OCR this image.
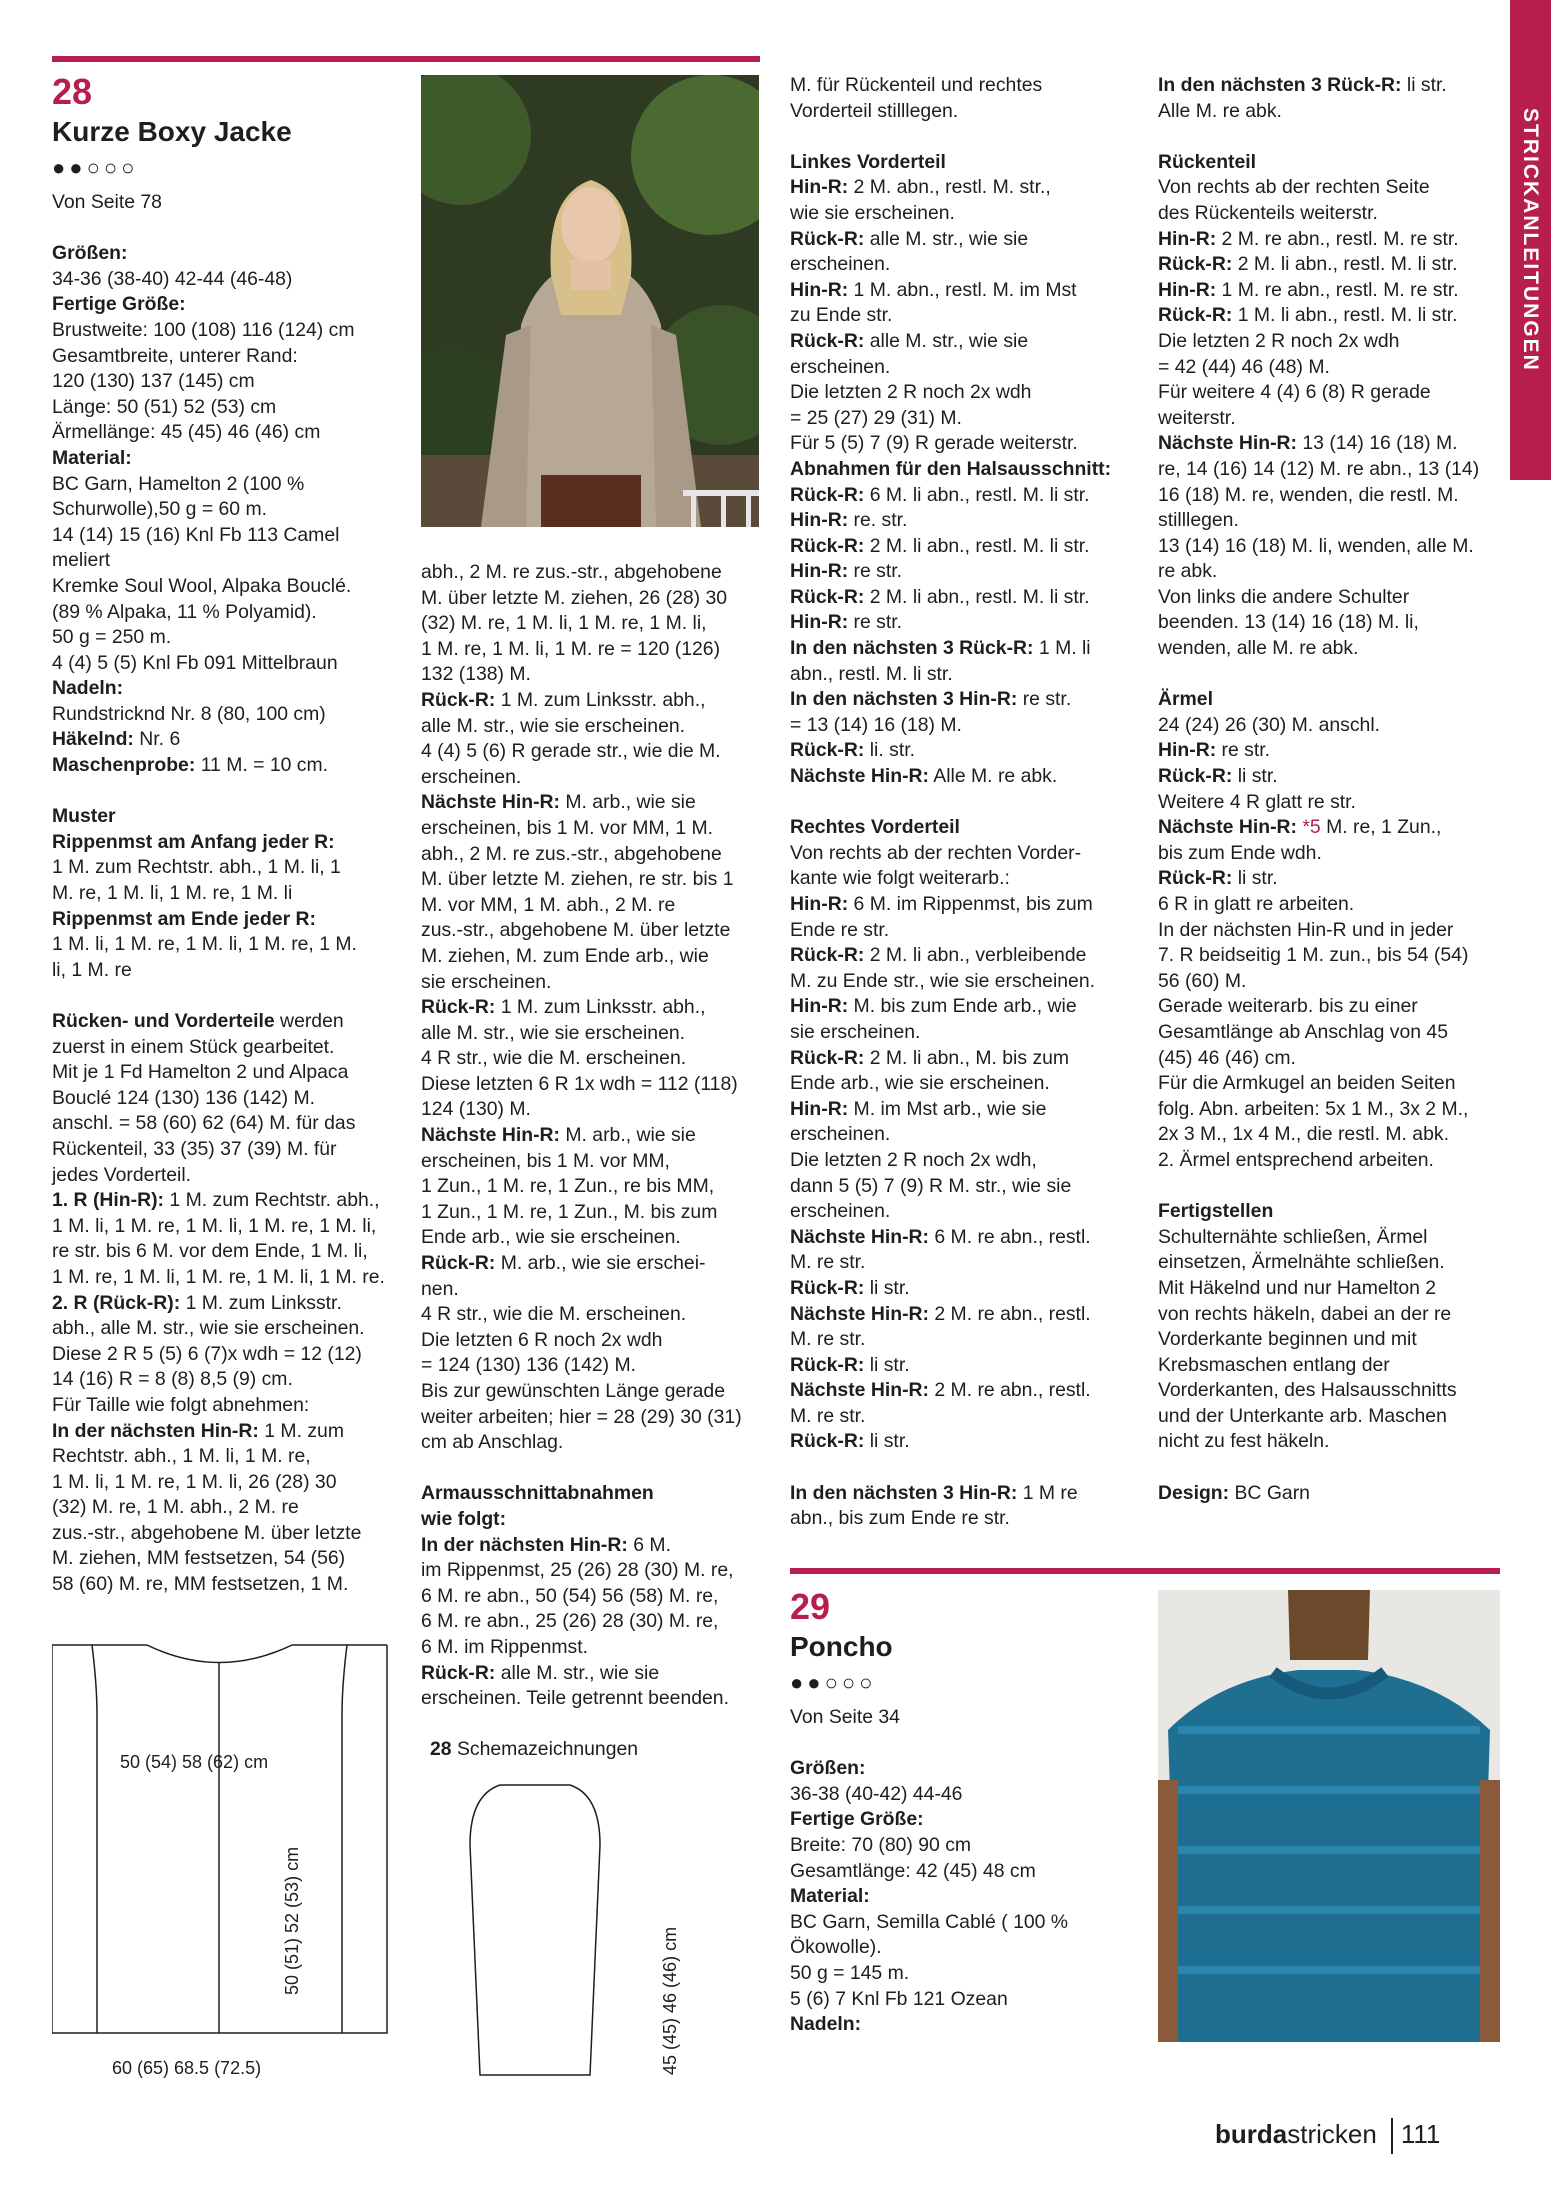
STRICKANLEITUNGEN

28

Kurze Boxy Jacke

●●○○○

Von Seite 78

Größen:

34-36 (38-40) 42-44 (46-48)

Fertige Größe:

Brustweite: 100 (108) 116 (124) cm

Gesamtbreite, unterer Rand:

120 (130) 137 (145) cm

Länge: 50 (51) 52 (53) cm

Ärmellänge: 45 (45) 46 (46) cm

Material:

BC Garn, Hamelton 2 (100 %

Schurwolle),50 g = 60 m.

14 (14) 15 (16) Knl Fb 113 Camel

meliert

Kremke Soul Wool, Alpaka Bouclé.

(89 % Alpaka, 11 % Polyamid).

50 g = 250 m.

4 (4) 5 (5) Knl Fb 091 Mittelbraun

Nadeln:

Rundstricknd Nr. 8 (80, 100 cm)

Häkelnd: Nr. 6

Maschenprobe: 11 M. = 10 cm.

Muster

Rippenmst am Anfang jeder R:

1 M. zum Rechtstr. abh., 1 M. li, 1

M. re, 1 M. li, 1 M. re, 1 M. li

Rippenmst am Ende jeder R:

1 M. li, 1 M. re, 1 M. li, 1 M. re, 1 M.

li, 1 M. re

Rücken- und Vorderteile werden

zuerst in einem Stück gearbeitet.

Mit je 1 Fd Hamelton 2 und Alpaca

Bouclé 124 (130) 136 (142) M.

anschl. = 58 (60) 62 (64) M. für das

Rückenteil, 33 (35) 37 (39) M. für

jedes Vorderteil.

1. R (Hin-R): 1 M. zum Rechtstr. abh.,

1 M. li, 1 M. re, 1 M. li, 1 M. re, 1 M. li,

re str. bis 6 M. vor dem Ende, 1 M. li,

1 M. re, 1 M. li, 1 M. re, 1 M. li, 1 M. re.

2. R (Rück-R): 1 M. zum Linksstr.

abh., alle M. str., wie sie erscheinen.

Diese 2 R 5 (5) 6 (7)x wdh = 12 (12)

14 (16) R = 8 (8) 8,5 (9) cm.

Für Taille wie folgt abnehmen:

In der nächsten Hin-R: 1 M. zum

Rechtstr. abh., 1 M. li, 1 M. re,

1 M. li, 1 M. re, 1 M. li, 26 (28) 30

(32) M. re, 1 M. abh., 2 M. re

zus.-str., abgehobene M. über letzte

M. ziehen, MM festsetzen, 54 (56)

58 (60) M. re, MM festsetzen, 1 M.

abh., 2 M. re zus.-str., abgehobene

M. über letzte M. ziehen, 26 (28) 30

(32) M. re, 1 M. li, 1 M. re, 1 M. li,

1 M. re, 1 M. li, 1 M. re = 120 (126)

132 (138) M.

Rück-R: 1 M. zum Linksstr. abh.,

alle M. str., wie sie erscheinen.

4 (4) 5 (6) R gerade str., wie die M.

erscheinen.

Nächste Hin-R: M. arb., wie sie

erscheinen, bis 1 M. vor MM, 1 M.

abh., 2 M. re zus.-str., abgehobene

M. über letzte M. ziehen, re str. bis 1

M. vor MM, 1 M. abh., 2 M. re

zus.-str., abgehobene M. über letzte

M. ziehen, M. zum Ende arb., wie

sie erscheinen.

Rück-R: 1 M. zum Linksstr. abh.,

alle M. str., wie sie erscheinen.

4 R str., wie die M. erscheinen.

Diese letzten 6 R 1x wdh = 112 (118)

124 (130) M.

Nächste Hin-R: M. arb., wie sie

erscheinen, bis 1 M. vor MM,

1 Zun., 1 M. re, 1 Zun., re bis MM,

1 Zun., 1 M. re, 1 Zun., M. bis zum

Ende arb., wie sie erscheinen.

Rück-R: M. arb., wie sie erschei-

nen.

4 R str., wie die M. erscheinen.

Die letzten 6 R noch 2x wdh

= 124 (130) 136 (142) M.

Bis zur gewünschten Länge gerade

weiter arbeiten; hier = 28 (29) 30 (31)

cm ab Anschlag.

Armausschnittabnahmen

wie folgt:

In der nächsten Hin-R: 6 M.

im Rippenmst, 25 (26) 28 (30) M. re,

6 M. re abn., 50 (54) 56 (58) M. re,

6 M. re abn., 25 (26) 28 (30) M. re,

6 M. im Rippenmst.

Rück-R: alle M. str., wie sie

erscheinen. Teile getrennt beenden.

M. für Rückenteil und rechtes

Vorderteil stilllegen.

Linkes Vorderteil

Hin-R: 2 M. abn., restl. M. str.,

wie sie erscheinen.

Rück-R: alle M. str., wie sie

erscheinen.

Hin-R: 1 M. abn., restl. M. im Mst

zu Ende str.

Rück-R: alle M. str., wie sie

erscheinen.

Die letzten 2 R noch 2x wdh

= 25 (27) 29 (31) M.

Für 5 (5) 7 (9) R gerade weiterstr.

Abnahmen für den Halsausschnitt:

Rück-R: 6 M. li abn., restl. M. li str.

Hin-R: re. str.

Rück-R: 2 M. li abn., restl. M. li str.

Hin-R: re str.

Rück-R: 2 M. li abn., restl. M. li str.

Hin-R: re str.

In den nächsten 3 Rück-R: 1 M. li

abn., restl. M. li str.

In den nächsten 3 Hin-R: re str.

= 13 (14) 16 (18) M.

Rück-R: li. str.

Nächste Hin-R: Alle M. re abk.

Rechtes Vorderteil

Von rechts ab der rechten Vorder-

kante wie folgt weiterarb.:

Hin-R: 6 M. im Rippenmst, bis zum

Ende re str.

Rück-R: 2 M. li abn., verbleibende

M. zu Ende str., wie sie erscheinen.

Hin-R: M. bis zum Ende arb., wie

sie erscheinen.

Rück-R: 2 M. li abn., M. bis zum

Ende arb., wie sie erscheinen.

Hin-R: M. im Mst arb., wie sie

erscheinen.

Die letzten 2 R noch 2x wdh,

dann 5 (5) 7 (9) R M. str., wie sie

erscheinen.

Nächste Hin-R: 6 M. re abn., restl.

M. re str.

Rück-R: li str.

Nächste Hin-R: 2 M. re abn., restl.

M. re str.

Rück-R: li str.

Nächste Hin-R: 2 M. re abn., restl.

M. re str.

Rück-R: li str.

In den nächsten 3 Hin-R: 1 M re

abn., bis zum Ende re str.

In den nächsten 3 Rück-R: li str.

Alle M. re abk.

Rückenteil

Von rechts ab der rechten Seite

des Rückenteils weiterstr.

Hin-R: 2 M. re abn., restl. M. re str.

Rück-R: 2 M. li abn., restl. M. li str.

Hin-R: 1 M. re abn., restl. M. re str.

Rück-R: 1 M. li abn., restl. M. li str.

Die letzten 2 R noch 2x wdh

= 42 (44) 46 (48) M.

Für weitere 4 (4) 6 (8) R gerade

weiterstr.

Nächste Hin-R: 13 (14) 16 (18) M.

re, 14 (16) 14 (12) M. re abn., 13 (14)

16 (18) M. re, wenden, die restl. M.

stilllegen.

13 (14) 16 (18) M. li, wenden, alle M.

re abk.

Von links die andere Schulter

beenden. 13 (14) 16 (18) M. li,

wenden, alle M. re abk.

Ärmel

24 (24) 26 (30) M. anschl.

Hin-R: re str.

Rück-R: li str.

Weitere 4 R glatt re str.

Nächste Hin-R: *5 M. re, 1 Zun.,

bis zum Ende wdh.

Rück-R: li str.

6 R in glatt re arbeiten.

In der nächsten Hin-R und in jeder

7. R beidseitig 1 M. zun., bis 54 (54)

56 (60) M.

Gerade weiterarb. bis zu einer

Gesamtlänge ab Anschlag von 45

(45) 46 (46) cm.

Für die Armkugel an beiden Seiten

folg. Abn. arbeiten: 5x 1 M., 3x 2 M.,

2x 3 M., 1x 4 M., die restl. M. abk.

2. Ärmel entsprechend arbeiten.

Fertigstellen

Schulternähte schließen, Ärmel

einsetzen, Ärmelnähte schließen.

Mit Häkelnd und nur Hamelton 2

von rechts häkeln, dabei an der re

Vorderkante beginnen und mit

Krebsmaschen entlang der

Vorderkanten, des Halsausschnitts

und der Unterkante arb. Maschen

nicht zu fest häkeln.

Design: BC Garn

50 (54) 58 (62) cm
60 (65) 68.5 (72.5)
50 (51) 52 (53) cm

28 Schemazeichnungen

45 (45) 46 (46) cm

29

Poncho

●●○○○

Von Seite 34

Größen:

36-38 (40-42) 44-46

Fertige Größe:

Breite: 70 (80) 90 cm

Gesamtlänge: 42 (45) 48 cm

Material:

BC Garn, Semilla Cablé ( 100 %

Ökowolle).

50 g = 145 m.

5 (6) 7 Knl Fb 121 Ozean

Nadeln:

burdastricken 111
